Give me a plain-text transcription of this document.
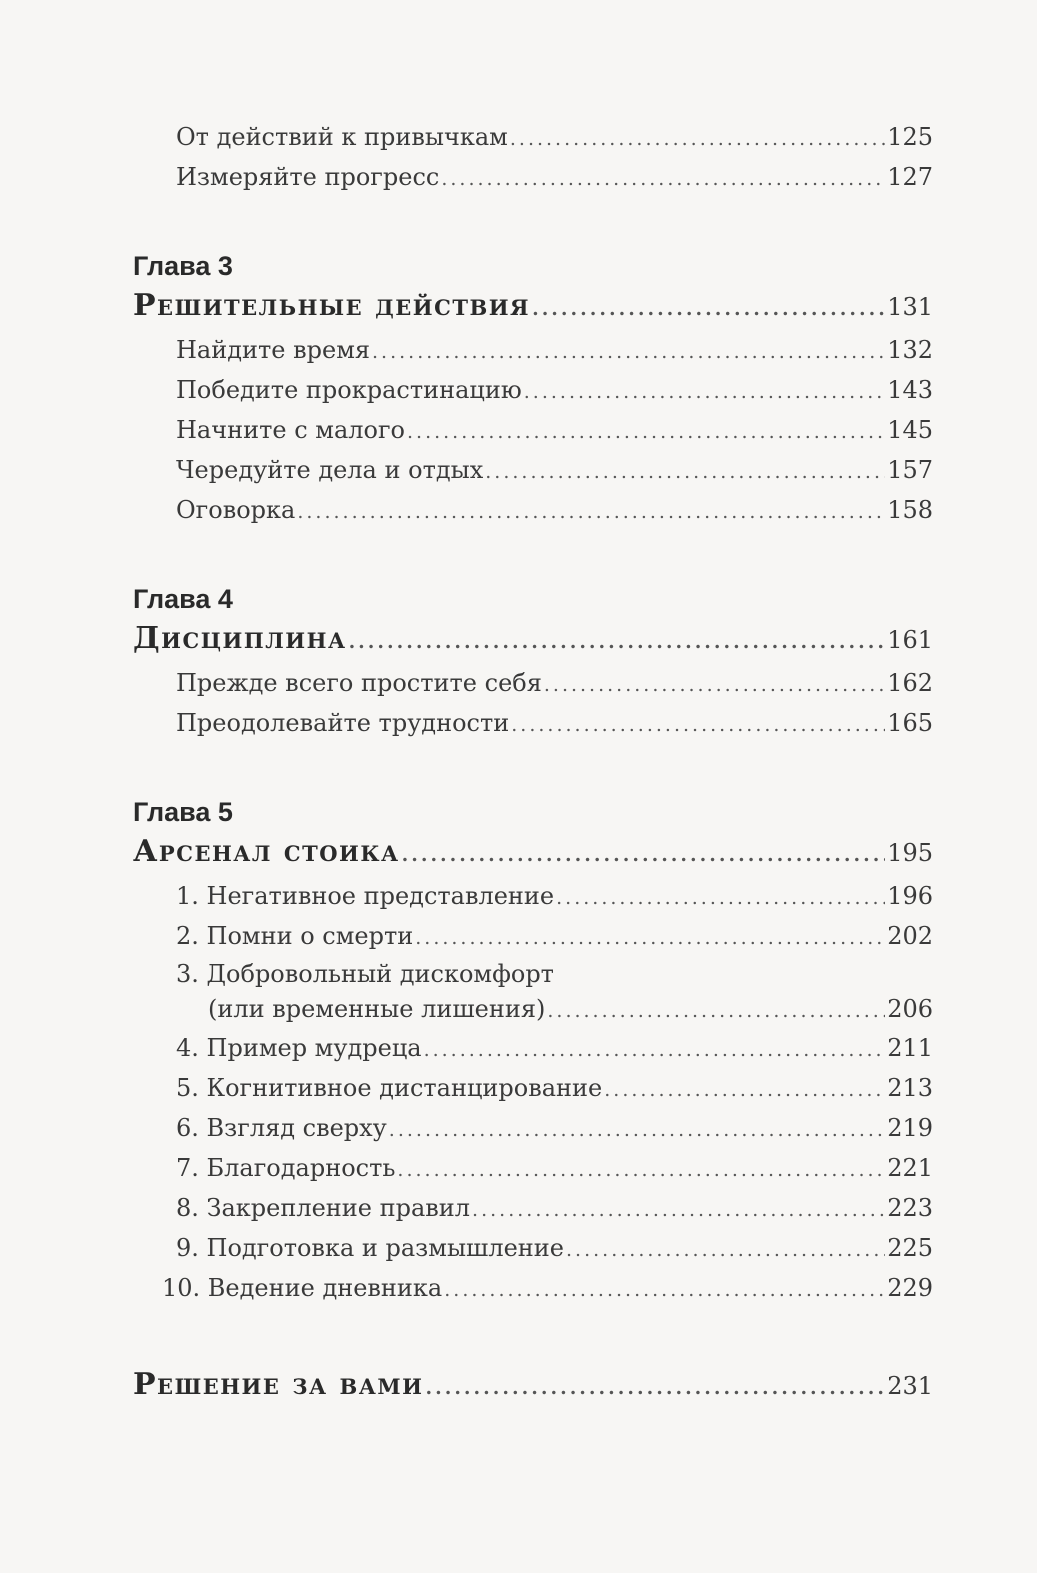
От действий к привычкам .....	125
Измеряйте прогресс .....	127
Глава 3
Решительные действия .....	131
Найдите время .....	132
Победите прокрастинацию .....	143
Начните с малого .....	145
Чередуйте дела и отдых .....	157
Оговорка .....	158
Глава 4
Дисциплина .....	161
Прежде всего простите себя .....	162
Преодолевайте трудности .....	165
Глава 5
Арсенал стоика .....	195
1. Негативное представление .....	196
2. Помни о смерти .....	202
3. Добровольный дискомфорт
(или временные лишения) .....	206
4. Пример мудреца .....	211
5. Когнитивное дистанцирование .....	213
6. Взгляд сверху .....	219
7. Благодарность .....	221
8. Закрепление правил .....	223
9. Подготовка и размышление .....	225
10. Ведение дневника .....	229
Решение за вами .....	231
